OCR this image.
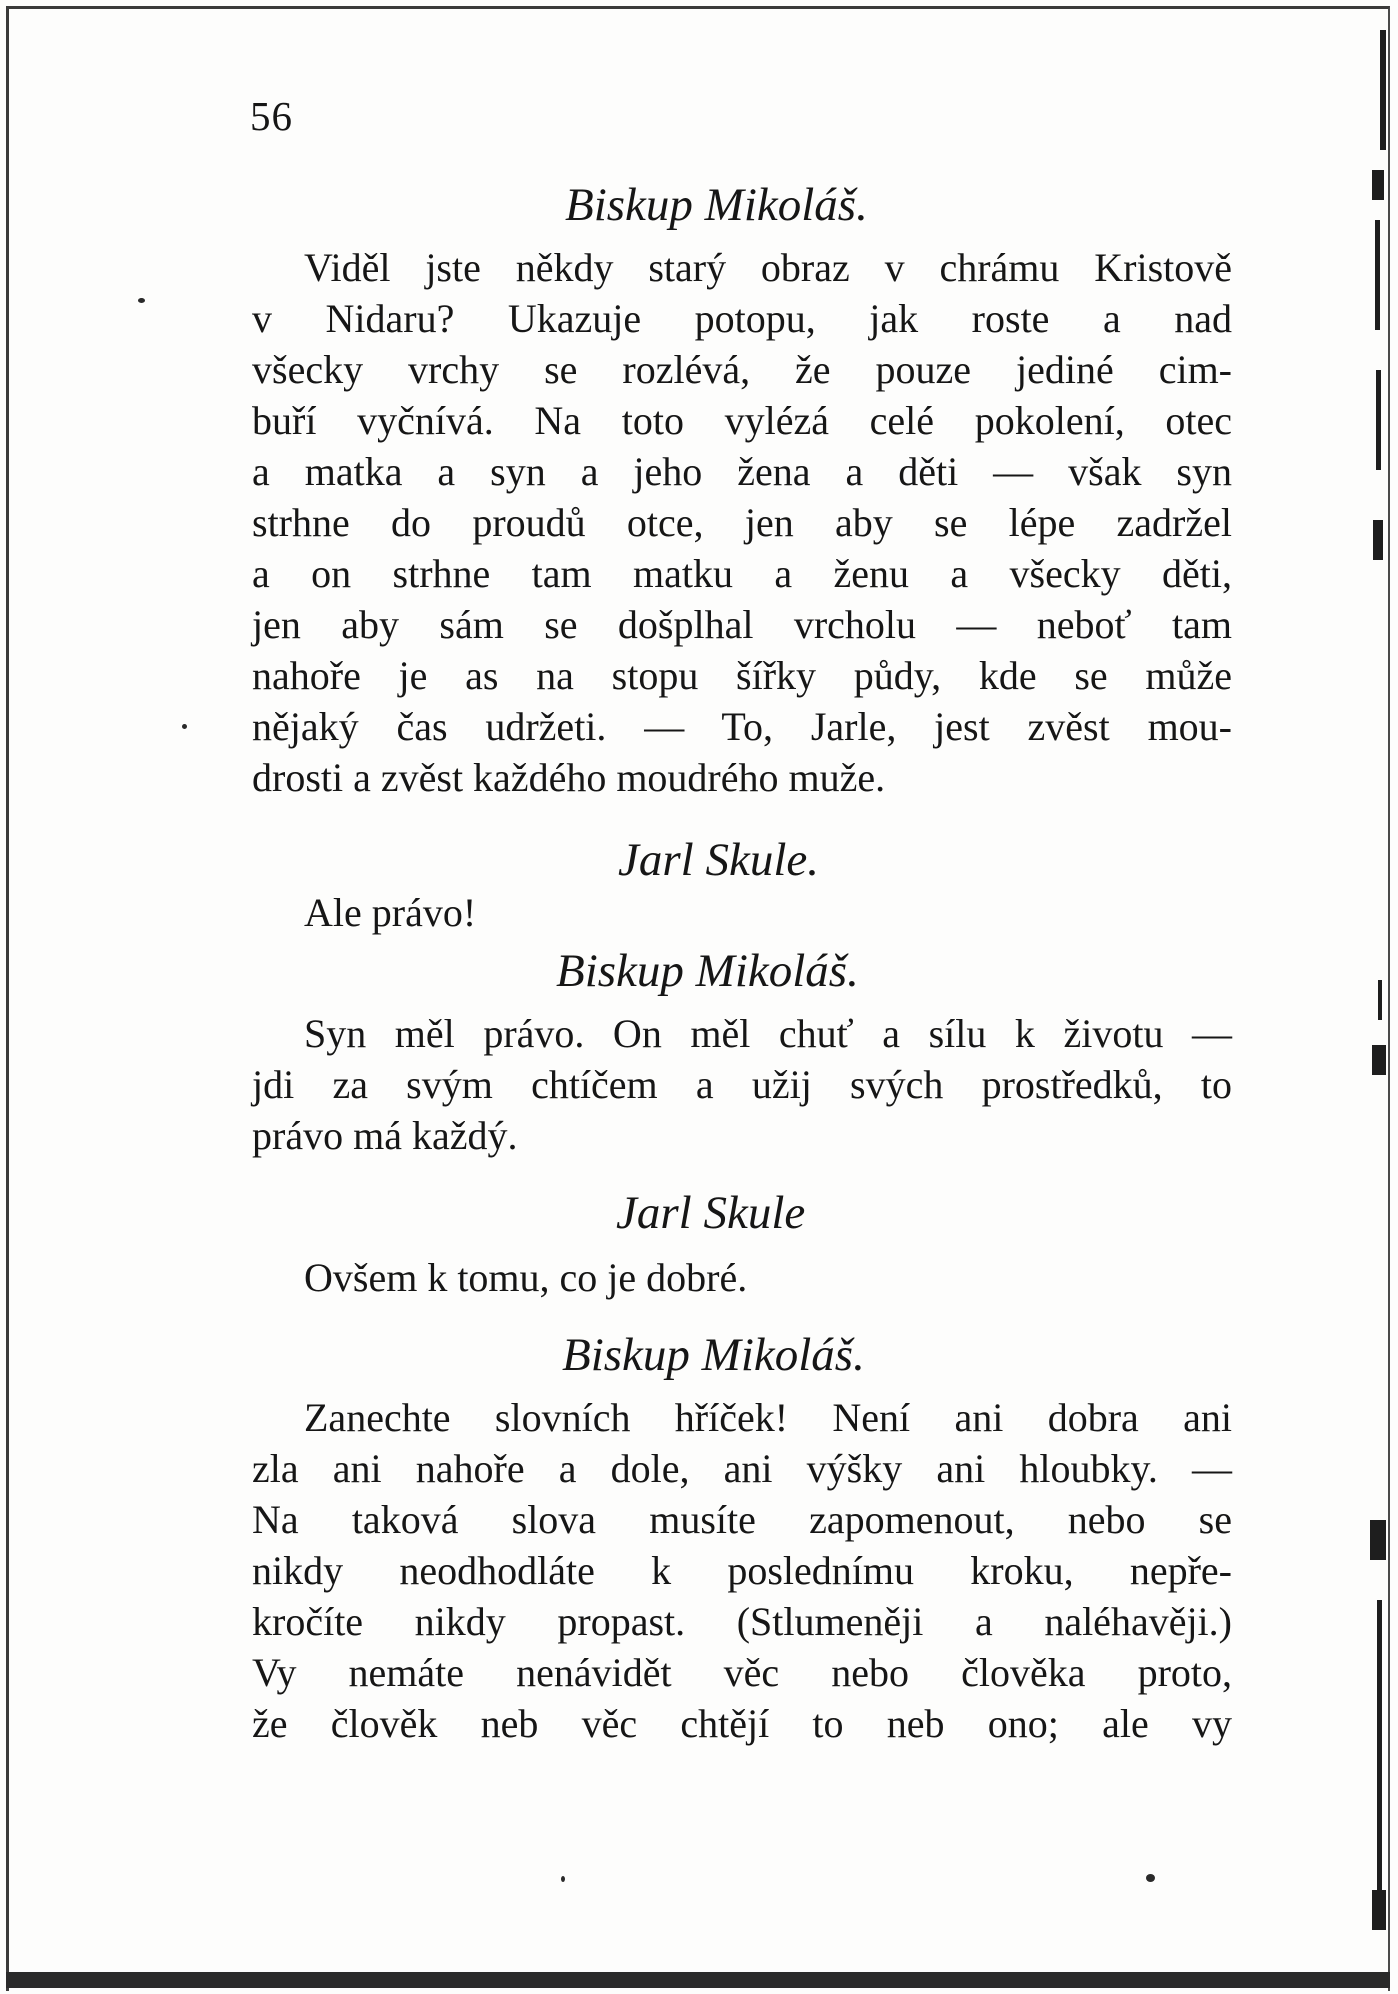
56

Biskup Mikoláš.

Viděl jste někdy starý obraz v chrámu Kristově

v Nidaru? Ukazuje potopu, jak roste a nad

všecky vrchy se rozlévá, že pouze jediné cim-

buří vyčnívá. Na toto vylézá celé pokolení, otec

a matka a syn a jeho žena a děti — však syn

strhne do proudů otce, jen aby se lépe zadržel

a on strhne tam matku a ženu a všecky děti,

jen aby sám se došplhal vrcholu — neboť tam

nahoře je as na stopu šířky půdy, kde se může

nějaký čas udržeti. — To, Jarle, jest zvěst mou-

drosti a zvěst každého moudrého muže.

Jarl Skule.

Ale právo!

Biskup Mikoláš.

Syn měl právo. On měl chuť a sílu k životu —

jdi za svým chtíčem a užij svých prostředků, to

právo má každý.

Jarl Skule

Ovšem k tomu, co je dobré.

Biskup Mikoláš.

Zanechte slovních hříček! Není ani dobra ani

zla ani nahoře a dole, ani výšky ani hloubky. —

Na taková slova musíte zapomenout, nebo se

nikdy neodhodláte k poslednímu kroku, nepře-

kročíte nikdy propast. (Stlumeněji a naléhavěji.)

Vy nemáte nenávidět věc nebo člověka proto,

že člověk neb věc chtějí to neb ono; ale vy
